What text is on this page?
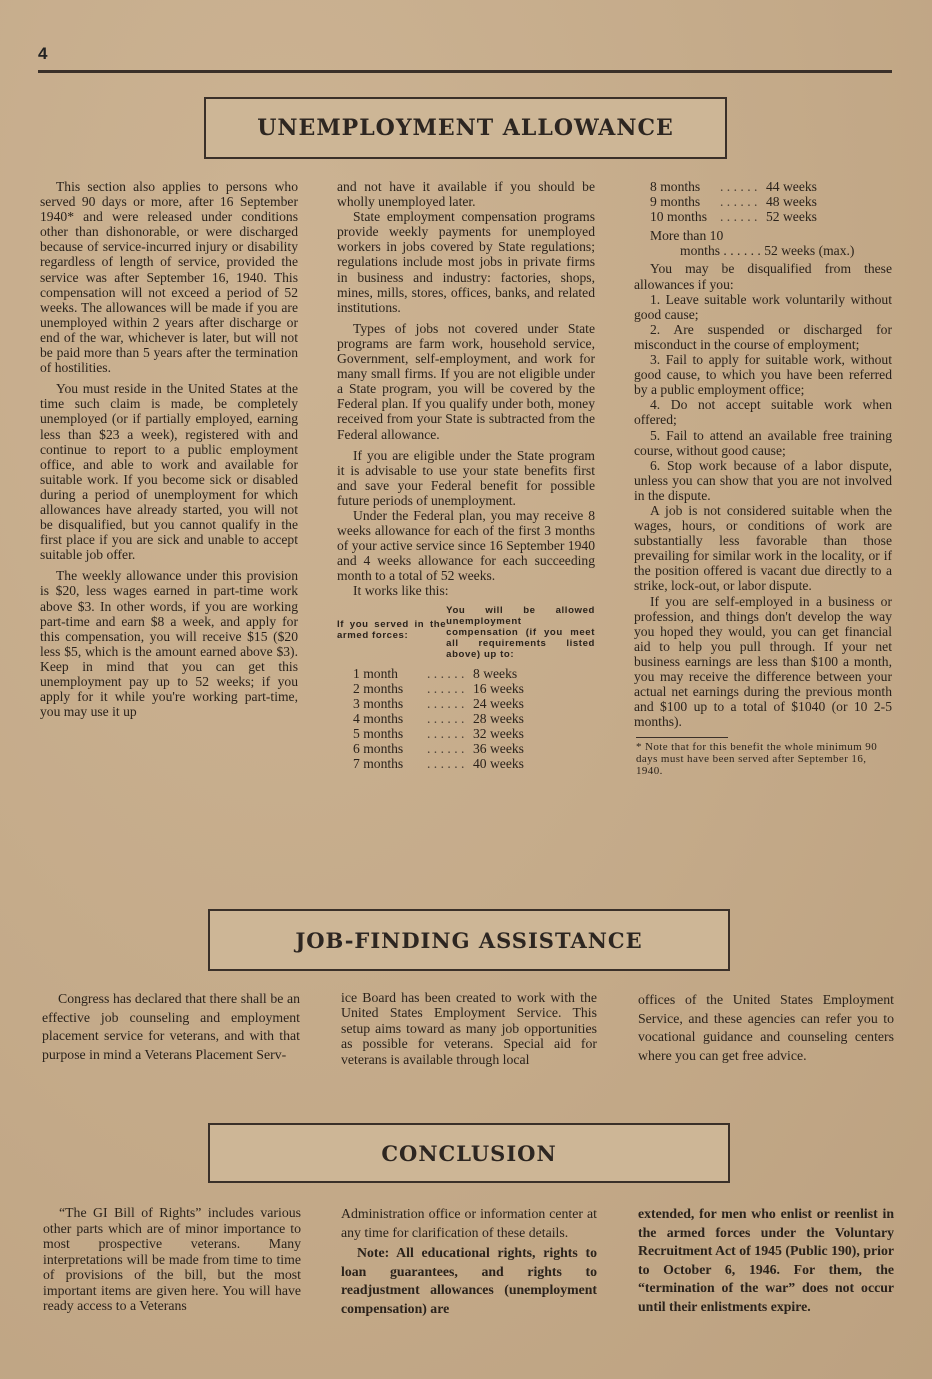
4
UNEMPLOYMENT ALLOWANCE

This section also applies to persons who served 90 days or more, after 16 September 1940* and were released under conditions other than dishonorable, or were discharged because of service-incurred injury or disability regardless of length of service, provided the service was after September 16, 1940. This compensation will not exceed a period of 52 weeks. The allowances will be made if you are unemployed within 2 years after discharge or end of the war, whichever is later, but will not be paid more than 5 years after the termination of hostilities.

You must reside in the United States at the time such claim is made, be completely unemployed (or if partially employed, earning less than $23 a week), registered with and continue to report to a public employment office, and able to work and available for suitable work. If you become sick or disabled during a period of unemployment for which allowances have already started, you will not be disqualified, but you cannot qualify in the first place if you are sick and unable to accept suitable job offer.

The weekly allowance under this provision is $20, less wages earned in part-time work above $3. In other words, if you are working part-time and earn $8 a week, and apply for this compensation, you will receive $15 ($20 less $5, which is the amount earned above $3). Keep in mind that you can get this unemployment pay up to 52 weeks; if you apply for it while you're working part-time, you may use it up

and not have it available if you should be wholly unemployed later.

State employment compensation programs provide weekly payments for unemployed workers in jobs covered by State regulations; regulations include most jobs in private firms in business and industry: factories, shops, mines, mills, stores, offices, banks, and related institutions.

Types of jobs not covered under State programs are farm work, household service, Government, self-employment, and work for many small firms. If you are not eligible under a State program, you will be covered by the Federal plan. If you qualify under both, money received from your State is subtracted from the Federal allowance.

If you are eligible under the State program it is advisable to use your state benefits first and save your Federal benefit for possible future periods of unemployment.

Under the Federal plan, you may receive 8 weeks allowance for each of the first 3 months of your active service since 16 September 1940 and 4 weeks allowance for each succeeding month to a total of 52 weeks.

It works like this:

If you served in the armed forces:
You will be allowed unemployment compensation (if you meet all requirements listed above) up to:
1 month	. . . . . . 8 weeks
2 months	. . . . . . 16 weeks
3 months	. . . . . . 24 weeks
4 months	. . . . . . 28 weeks
5 months	. . . . . . 32 weeks
6 months	. . . . . . 36 weeks
7 months	. . . . . . 40 weeks
8 months	. . . . . . 44 weeks
9 months	. . . . . . 48 weeks
10 months . . . . . . 52 weeks
More than 10
months . . . . . . 52 weeks (max.)

You may be disqualified from these allowances if you:

1. Leave suitable work voluntarily without good cause;

2. Are suspended or discharged for misconduct in the course of employment;

3. Fail to apply for suitable work, without good cause, to which you have been referred by a public employment office;

4. Do not accept suitable work when offered;

5. Fail to attend an available free training course, without good cause;

6. Stop work because of a labor dispute, unless you can show that you are not involved in the dispute.

A job is not considered suitable when the wages, hours, or conditions of work are substantially less favorable than those prevailing for similar work in the locality, or if the position offered is vacant due directly to a strike, lock-out, or labor dispute.

If you are self-employed in a business or profession, and things don't develop the way you hoped they would, you can get financial aid to help you pull through. If your net business earnings are less than $100 a month, you may receive the difference between your actual net earnings during the previous month and $100 up to a total of $1040 (or 10 2-5 months).

* Note that for this benefit the whole minimum 90 days must have been served after September 16, 1940.

JOB-FINDING ASSISTANCE

Congress has declared that there shall be an effective job counseling and employment placement service for veterans, and with that purpose in mind a Veterans Placement Serv-

ice Board has been created to work with the United States Employment Service. This setup aims toward as many job opportunities as possible for veterans. Special aid for veterans is available through local

offices of the United States Employment Service, and these agencies can refer you to vocational guidance and counseling centers where you can get free advice.

CONCLUSION

“The GI Bill of Rights” includes various other parts which are of minor importance to most prospective veterans. Many interpretations will be made from time to time of provisions of the bill, but the most important items are given here. You will have ready access to a Veterans

Administration office or information center at any time for clarification of these details.

Note: All educational rights, rights to loan guarantees, and rights to readjustment allowances (unemployment compensation) are

extended, for men who enlist or reenlist in the armed forces under the Voluntary Recruitment Act of 1945 (Public 190), prior to October 6, 1946. For them, the “termination of the war” does not occur until their enlistments expire.
